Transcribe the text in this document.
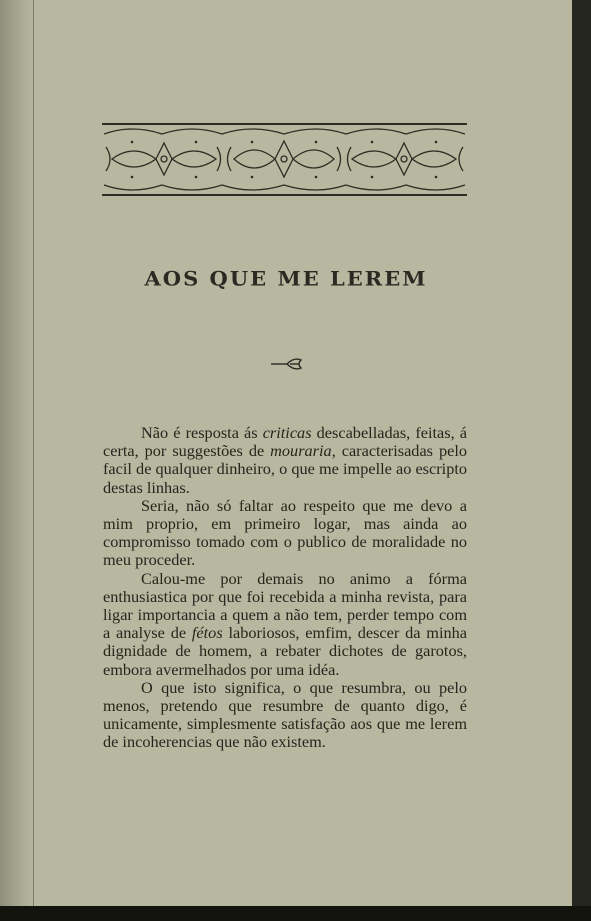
AOS QUE ME LEREM

Não é resposta ás criticas descabelladas, feitas, á certa, por suggestões de mouraria, caracterisadas pelo facil de qualquer dinheiro, o que me impelle ao escripto destas linhas.

Seria, não só faltar ao respeito que me devo a mim proprio, em primeiro logar, mas ainda ao compromisso tomado com o publico de moralidade no meu proceder.

Calou-me por demais no animo a fórma enthusiastica por que foi recebida a minha revista, para ligar importancia a quem a não tem, perder tempo com a analyse de fétos laboriosos, emfim, descer da minha dignidade de homem, a rebater dichotes de garotos, embora avermelhados por uma idéa.

O que isto significa, o que resumbra, ou pelo menos, pretendo que resumbre de quanto digo, é unicamente, simplesmente satisfação aos que me lerem de incoherencias que não existem.
